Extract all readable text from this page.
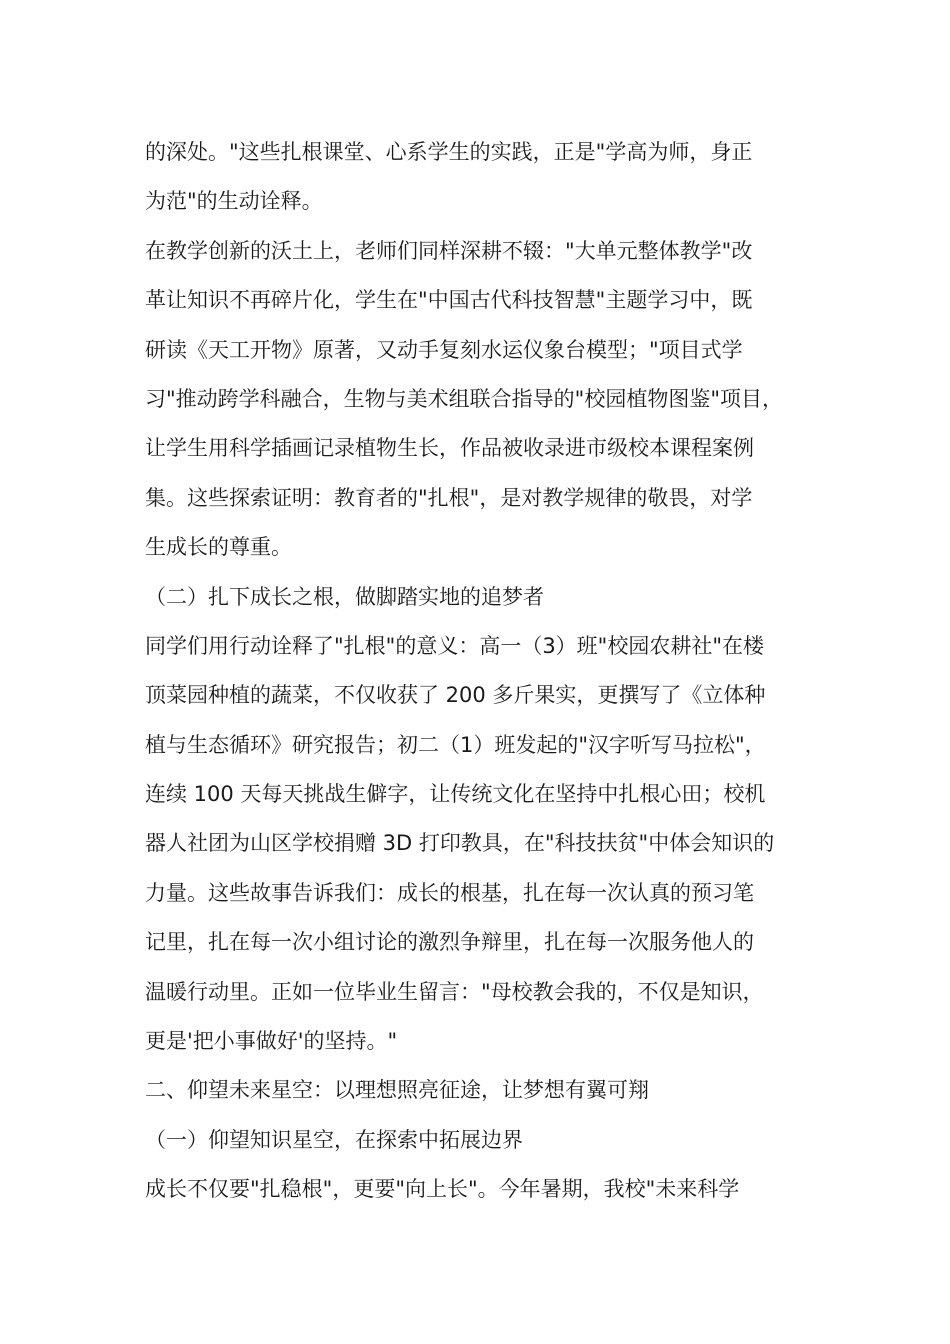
的深处。"这些扎根课堂、心系学生的实践，正是"学高为师，身正
为范"的生动诠释。
在教学创新的沃土上，老师们同样深耕不辍："大单元整体教学"改
革让知识不再碎片化，学生在"中国古代科技智慧"主题学习中，既
研读《天工开物》原著，又动手复刻水运仪象台模型；"项目式学
习"推动跨学科融合，生物与美术组联合指导的"校园植物图鉴"项目，
让学生用科学插画记录植物生长，作品被收录进市级校本课程案例
集。这些探索证明：教育者的"扎根"，是对教学规律的敬畏，对学
生成长的尊重。
（二）扎下成长之根，做脚踏实地的追梦者
同学们用行动诠释了"扎根"的意义：高一（3）班"校园农耕社"在楼
顶菜园种植的蔬菜，不仅收获了 200 多斤果实，更撰写了《立体种
植与生态循环》研究报告；初二（1）班发起的"汉字听写马拉松"，
连续 100 天每天挑战生僻字，让传统文化在坚持中扎根心田；校机
器人社团为山区学校捐赠 3D 打印教具，在"科技扶贫"中体会知识的
力量。这些故事告诉我们：成长的根基，扎在每一次认真的预习笔
记里，扎在每一次小组讨论的激烈争辩里，扎在每一次服务他人的
温暖行动里。正如一位毕业生留言："母校教会我的，不仅是知识，
更是'把小事做好'的坚持。"
二、仰望未来星空：以理想照亮征途，让梦想有翼可翔
（一）仰望知识星空，在探索中拓展边界
成长不仅要"扎稳根"，更要"向上长"。今年暑期，我校"未来科学
